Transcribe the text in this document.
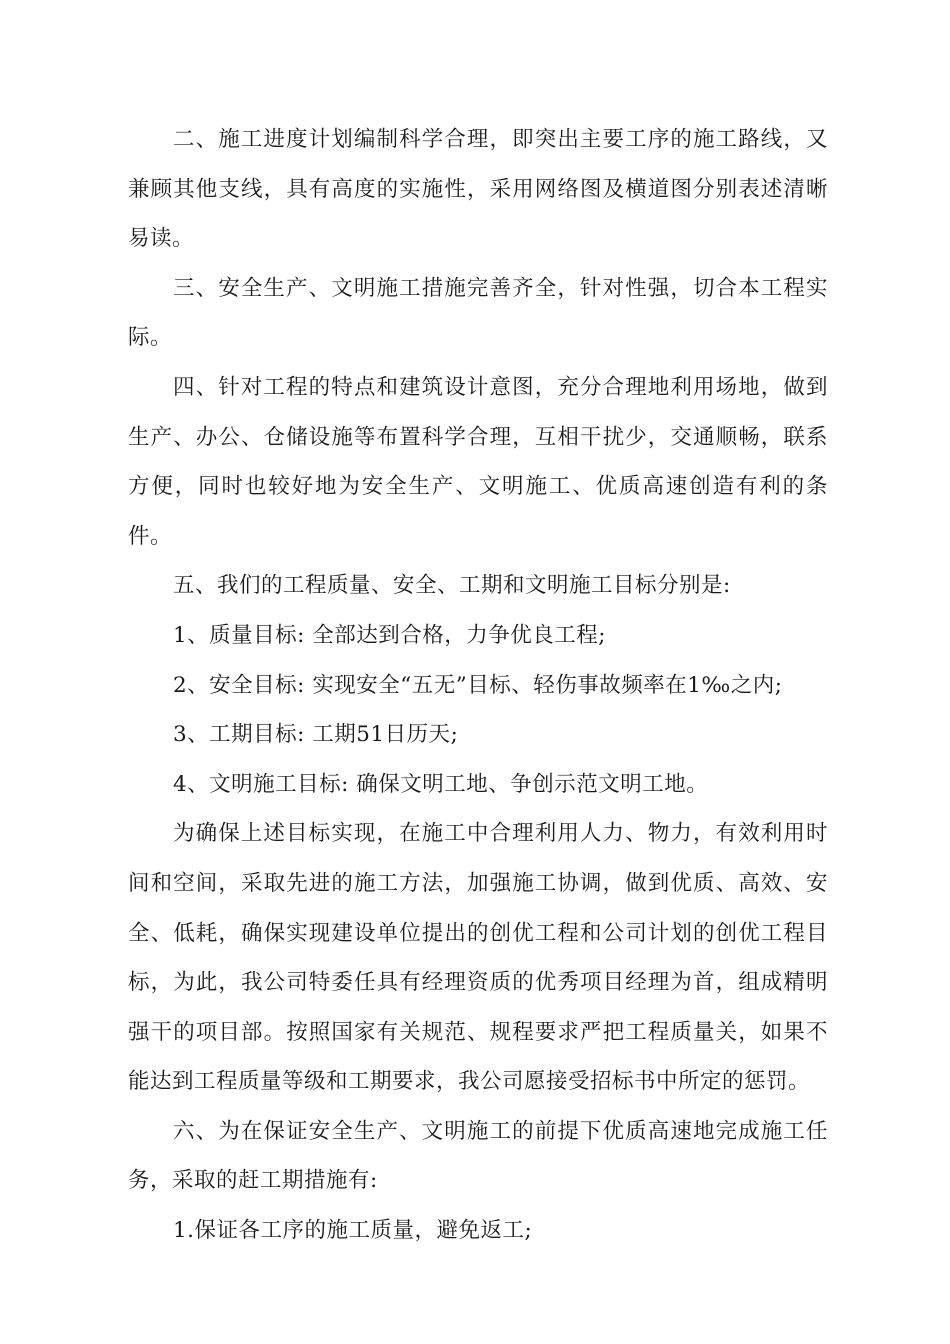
二、施工进度计划编制科学合理，即突出主要工序的施工路线，又兼顾其他支线，具有高度的实施性，采用网络图及横道图分别表述清晰易读。

三、安全生产、文明施工措施完善齐全，针对性强，切合本工程实际。

四、针对工程的特点和建筑设计意图，充分合理地利用场地，做到生产、办公、仓储设施等布置科学合理，互相干扰少，交通顺畅，联系方便，同时也较好地为安全生产、文明施工、优质高速创造有利的条件。

五、我们的工程质量、安全、工期和文明施工目标分别是:

1、质量目标: 全部达到合格，力争优良工程;

2、安全目标: 实现安全“五无”目标、轻伤事故频率在1‰之内;

3、工期目标: 工期51日历天;

4、文明施工目标: 确保文明工地、争创示范文明工地。

为确保上述目标实现，在施工中合理利用人力、物力，有效利用时间和空间，采取先进的施工方法，加强施工协调，做到优质、高效、安全、低耗，确保实现建设单位提出的创优工程和公司计划的创优工程目标，为此，我公司特委任具有经理资质的优秀项目经理为首，组成精明强干的项目部。按照国家有关规范、规程要求严把工程质量关，如果不能达到工程质量等级和工期要求，我公司愿接受招标书中所定的惩罚。

六、为在保证安全生产、文明施工的前提下优质高速地完成施工任务，采取的赶工期措施有:

1.保证各工序的施工质量，避免返工;
